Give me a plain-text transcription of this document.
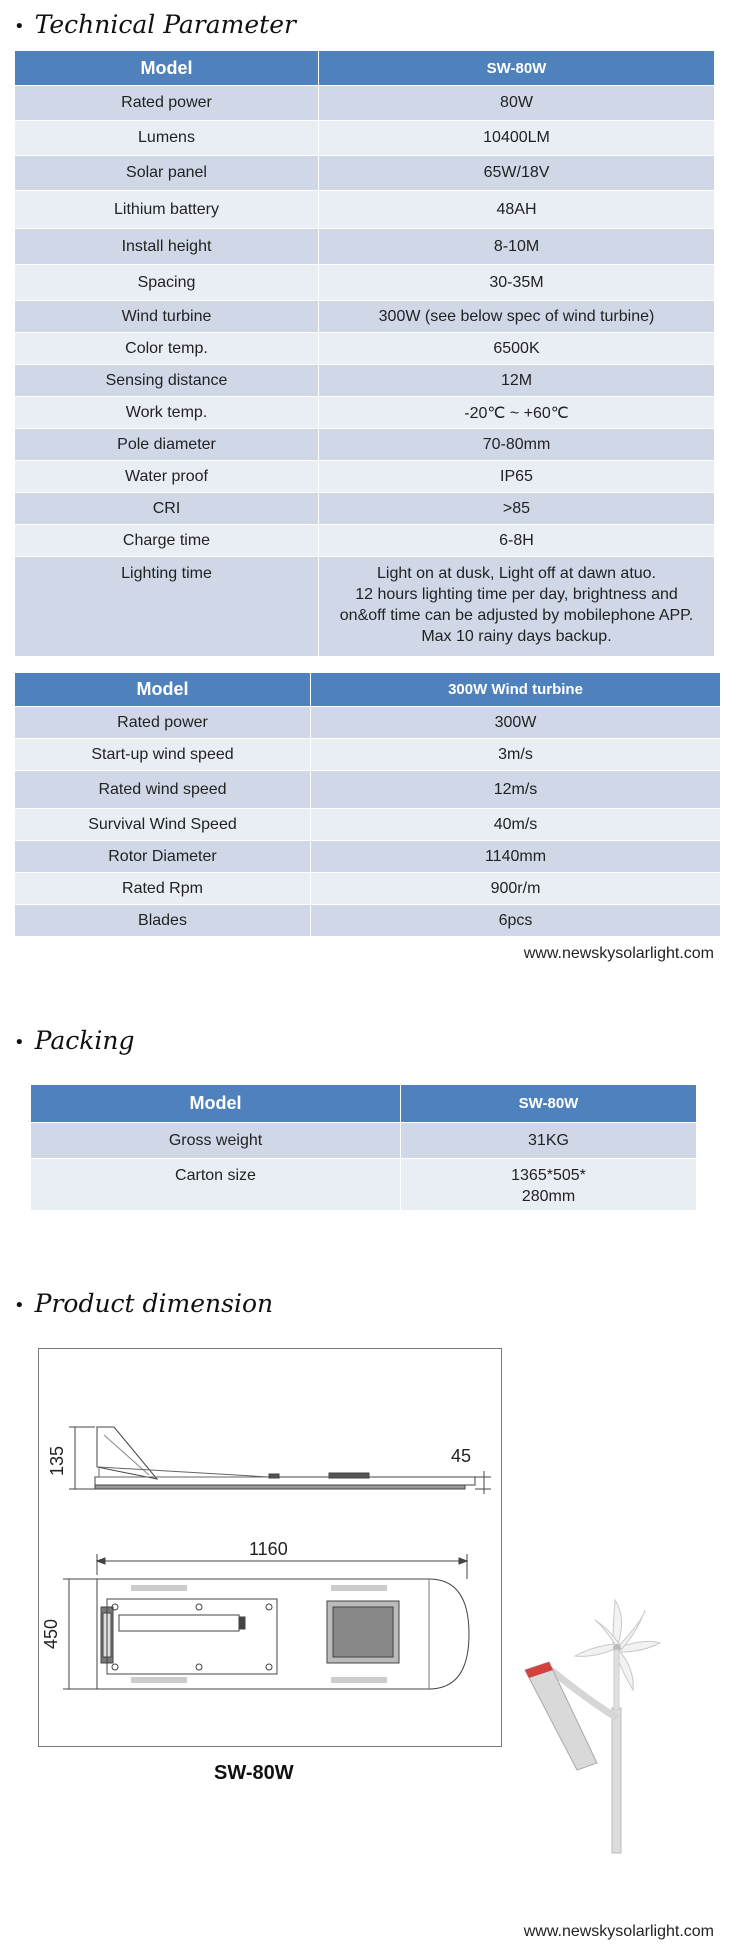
• Technical Parameter
Model	SW-80W
Rated power	80W
Lumens	10400LM
Solar panel	65W/18V
Lithium battery	48AH
Install height	8-10M
Spacing	30-35M
Wind turbine	300W (see below spec of wind turbine)
Color temp.	6500K
Sensing distance	12M
Work temp.	-20℃ ~ +60℃
Pole diameter	70-80mm
Water proof	IP65
CRI	>85
Charge time	6-8H
Lighting time	Light on at dusk, Light off at dawn atuo.
12 hours lighting time per day, brightness and
on&off time can be adjusted by mobilephone APP.
Max 10 rainy days backup.
Model	300W Wind turbine
Rated power	300W
Start-up wind speed	3m/s
Rated wind speed	12m/s
Survival Wind Speed	40m/s
Rotor Diameter	1140mm
Rated Rpm	900r/m
Blades	6pcs
www.newskysolarlight.com
• Packing
Model	SW-80W
Gross weight	31KG
Carton size	1365*505*
280mm
• Product dimension
135	45
1160
450
SW-80W
www.newskysolarlight.com
